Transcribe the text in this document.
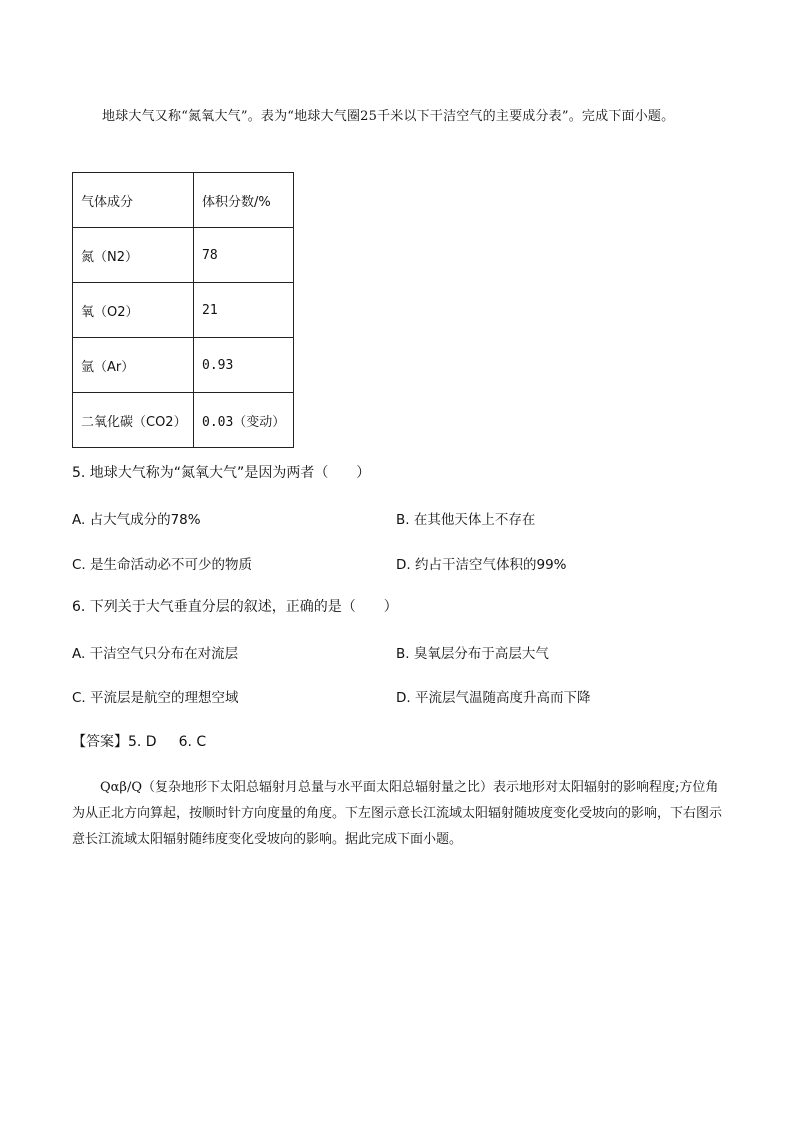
地球大气又称“氮氧大气”。表为“地球大气圈25千米以下干洁空气的主要成分表”。完成下面小题。
气体成分	体积分数/%
氮（N2）	78
氧（O2）	21
氩（Ar）	0.93
二氧化碳（CO2）	0.03（变动）
5. 地球大气称为“氮氧大气”是因为两者（　　）
A. 占大气成分的78%	B. 在其他天体上不存在
C. 是生命活动必不可少的物质	D. 约占干洁空气体积的99%
6. 下列关于大气垂直分层的叙述，正确的是（　　）
A. 干洁空气只分布在对流层	B. 臭氧层分布于高层大气
C. 平流层是航空的理想空域	D. 平流层气温随高度升高而下降
【答案】5. D 6. C
Qαβ/Q（复杂地形下太阳总辐射月总量与水平面太阳总辐射量之比）表示地形对太阳辐射的影响程度;方位角为从正北方向算起，按顺时针方向度量的角度。下左图示意长江流域太阳辐射随坡度变化受坡向的影响，下右图示意长江流域太阳辐射随纬度变化受坡向的影响。据此完成下面小题。
